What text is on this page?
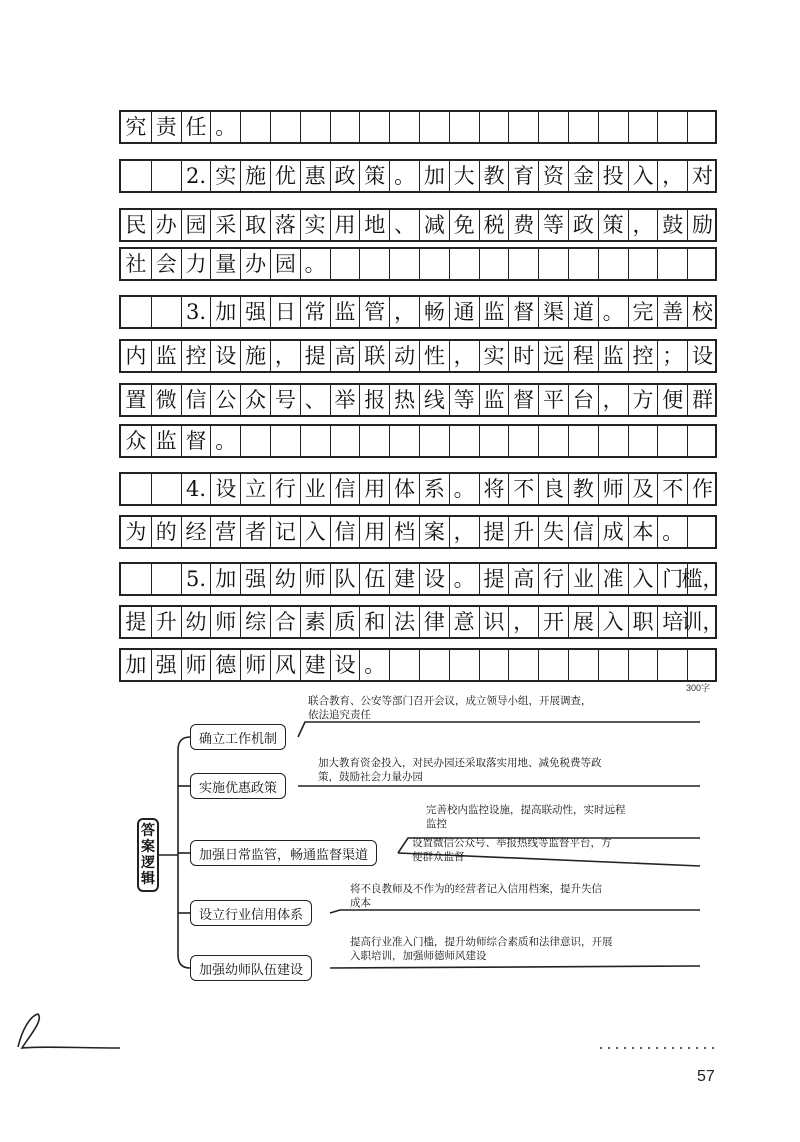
究 责 任 。
2. 实 施 优 惠 政 策 。 加 大 教 育 资 金 投 入 ， 对
民 办 园 采 取 落 实 用 地 、 减 免 税 费 等 政 策 ， 鼓 励
社 会 力 量 办 园 。
3. 加 强 日 常 监 管 ， 畅 通 监 督 渠 道 。 完 善 校
内 监 控 设 施 ， 提 高 联 动 性 ， 实 时 远 程 监 控 ； 设
置 微 信 公 众 号 、 举 报 热 线 等 监 督 平 台 ， 方 便 群
众 监 督 。
4. 设 立 行 业 信 用 体 系 。 将 不 良 教 师 及 不 作
为 的 经 营 者 记 入 信 用 档 案 ， 提 升 失 信 成 本 。
5. 加 强 幼 师 队 伍 建 设 。 提 高 行 业 准 入 门
槛，
提 升 幼 师 综 合 素 质 和 法 律 意 识 ， 开 展 入 职 培
训，
加 强 师 德 师 风 建 设 。
300字
答
案
逻
辑
确立工作机制
联合教育、公安等部门召开会议，成立领导小组，开展调查，
依法追究责任
实施优惠政策
加大教育资金投入，对民办园还采取落实用地、减免税费等政
策，鼓励社会力量办园
加强日常监管，畅通监督渠道
完善校内监控设施，提高联动性，实时远程
监控
设置微信公众号、举报热线等监督平台，方
便群众监督
设立行业信用体系
将不良教师及不作为的经营者记入信用档案，提升失信
成本
加强幼师队伍建设
提高行业准入门槛，提升幼师综合素质和法律意识，开展
入职培训，加强师德师风建设
57
